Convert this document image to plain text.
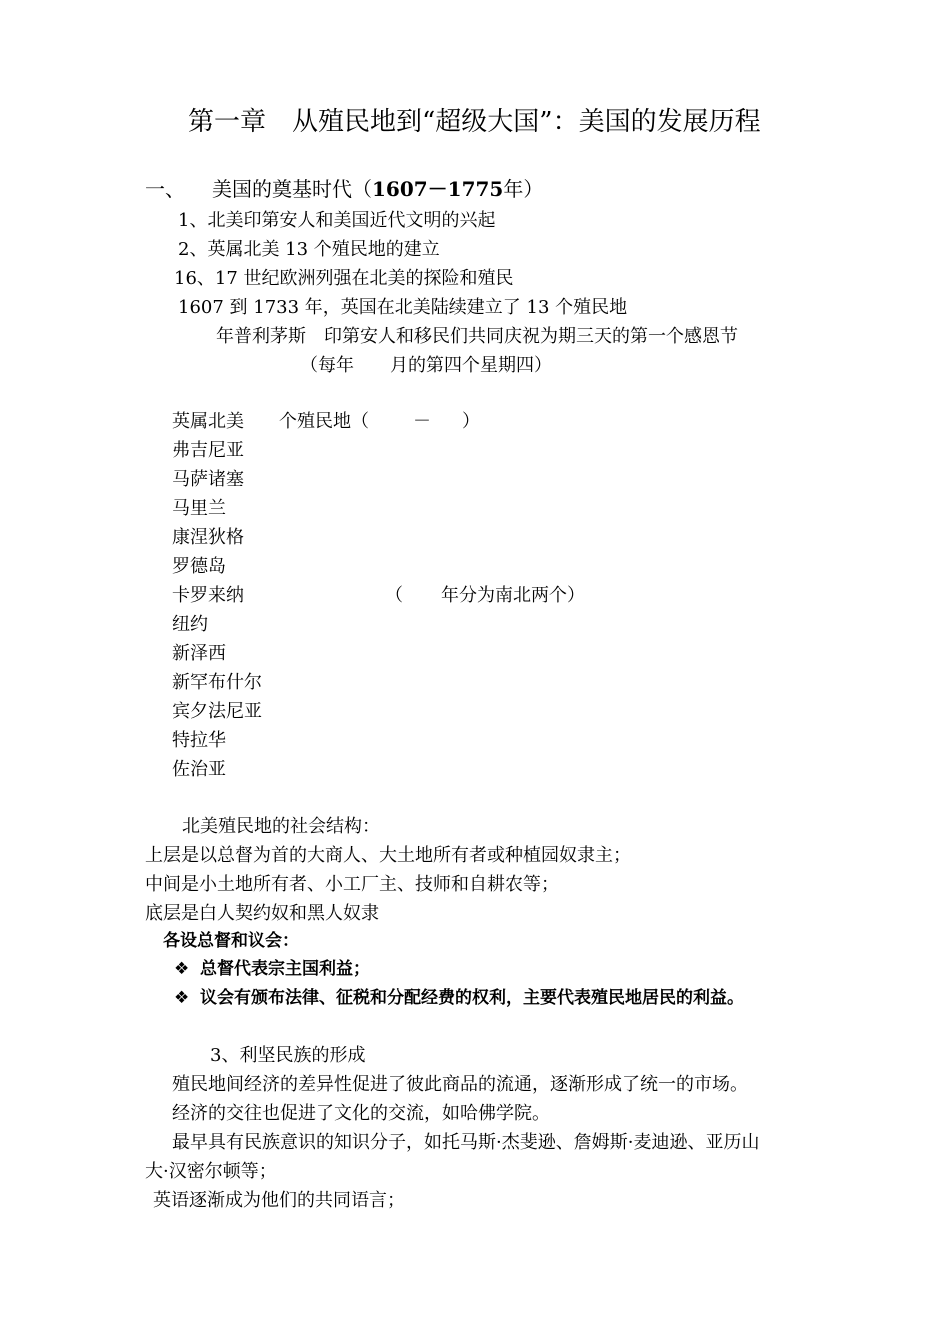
第一章　从殖民地到“超级大国”：美国的发展历程
一、 美国的奠基时代（1607－1775年）
1、北美印第安人和美国近代文明的兴起
2、英属北美 13 个殖民地的建立
16、17 世纪欧洲列强在北美的探险和殖民
1607 到 1733 年，英国在北美陆续建立了 13 个殖民地
年普利茅斯　印第安人和移民们共同庆祝为期三天的第一个感恩节
（每年　　月的第四个星期四）
英属北美 个殖民地（ － ）
弗吉尼亚
马萨诸塞
马里兰
康涅狄格
罗德岛
卡罗来纳	（ 年分为南北两个）
纽约
新泽西
新罕布什尔
宾夕法尼亚
特拉华
佐治亚
北美殖民地的社会结构：
上层是以总督为首的大商人、大土地所有者或种植园奴隶主；
中间是小土地所有者、小工厂主、技师和自耕农等；
底层是白人契约奴和黑人奴隶
各设总督和议会：
❖ 总督代表宗主国利益；
❖ 议会有颁布法律、征税和分配经费的权利，主要代表殖民地居民的利益。
3、利坚民族的形成
殖民地间经济的差异性促进了彼此商品的流通，逐渐形成了统一的市场。
经济的交往也促进了文化的交流，如哈佛学院。
最早具有民族意识的知识分子，如托马斯·杰斐逊、詹姆斯·麦迪逊、亚历山
大·汉密尔顿等；
英语逐渐成为他们的共同语言；
